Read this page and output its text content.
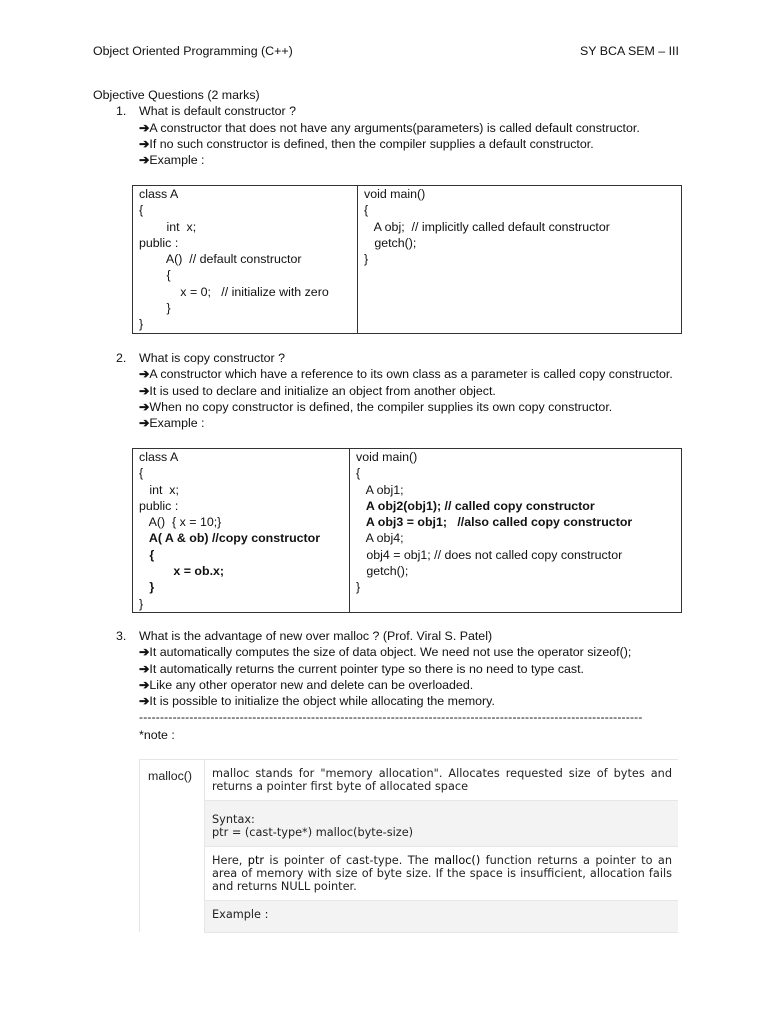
Object Oriented Programming (C++)	SY BCA SEM – III
Objective Questions (2 marks)
1. What is default constructor ?
➔A constructor that does not have any arguments(parameters) is called default constructor.
➔If no such constructor is defined, then the compiler supplies a default constructor.
➔Example :
class A
{
int  x;
public :
A()  // default constructor
{
x = 0;   // initialize with zero
}
}

void main()
{
A obj;  // implicitly called default constructor
getch();
}
2. What is copy constructor ?
➔A constructor which have a reference to its own class as a parameter is called copy constructor.
➔It is used to declare and initialize an object from another object.
➔When no copy constructor is defined, the compiler supplies its own copy constructor.
➔Example :
class A
{
int  x;
public :
A()  { x = 10;}
A( A & ob) //copy constructor
{
x = ob.x;
}
}

void main()
{
A obj1;
A obj2(obj1); // called copy constructor
A obj3 = obj1;   //also called copy constructor
A obj4;
obj4 = obj1; // does not called copy constructor
getch();
}
3. What is the advantage of new over malloc ? (Prof. Viral S. Patel)
➔It automatically computes the size of data object. We need not use the operator sizeof();
➔It automatically returns the current pointer type so there is no need to type cast.
➔Like any other operator new and delete can be overloaded.
➔It is possible to initialize the object while allocating the memory.
------------------------------------------------------------------------------------------------------------------------
*note :
malloc()	malloc stands for "memory allocation". Allocates requested size of bytes and returns a pointer first byte of allocated space

Syntax:
ptr = (cast-type*) malloc(byte-size)

Here, ptr is pointer of cast-type. The malloc() function returns a pointer to an area of memory with size of byte size. If the space is insufficient, allocation fails and returns NULL pointer.
Example :
